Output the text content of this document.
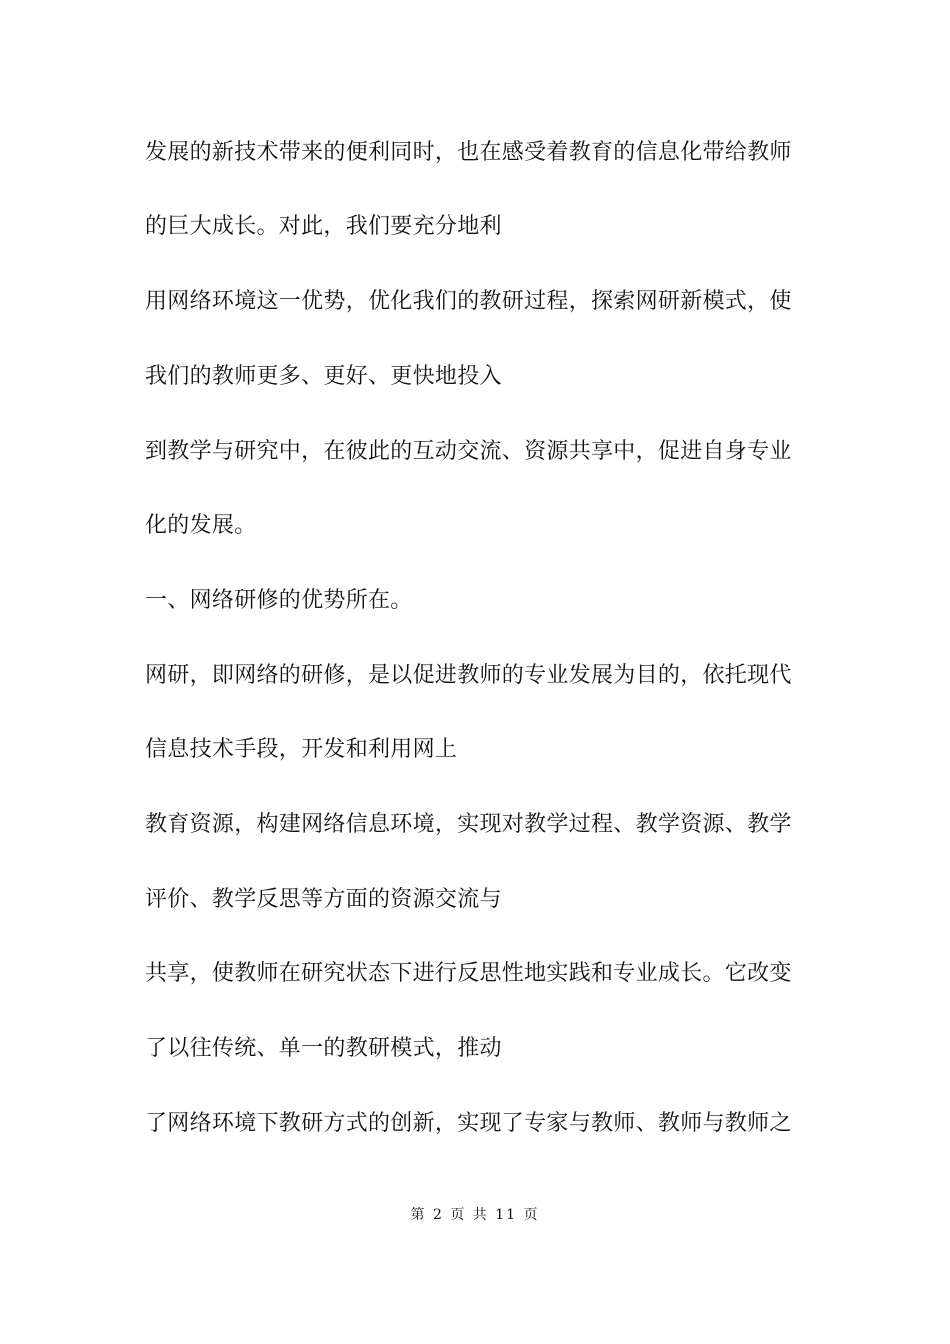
发展的新技术带来的便利同时，也在感受着教育的信息化带给教师

的巨大成长。对此，我们要充分地利

用网络环境这一优势，优化我们的教研过程，探索网研新模式，使

我们的教师更多、更好、更快地投入

到教学与研究中，在彼此的互动交流、资源共享中，促进自身专业

化的发展。

一、网络研修的优势所在。

网研，即网络的研修，是以促进教师的专业发展为目的，依托现代

信息技术手段，开发和利用网上

教育资源，构建网络信息环境，实现对教学过程、教学资源、教学

评价、教学反思等方面的资源交流与

共享，使教师在研究状态下进行反思性地实践和专业成长。它改变

了以往传统、单一的教研模式，推动

了网络环境下教研方式的创新，实现了专家与教师、教师与教师之

第 2 页 共 11 页
